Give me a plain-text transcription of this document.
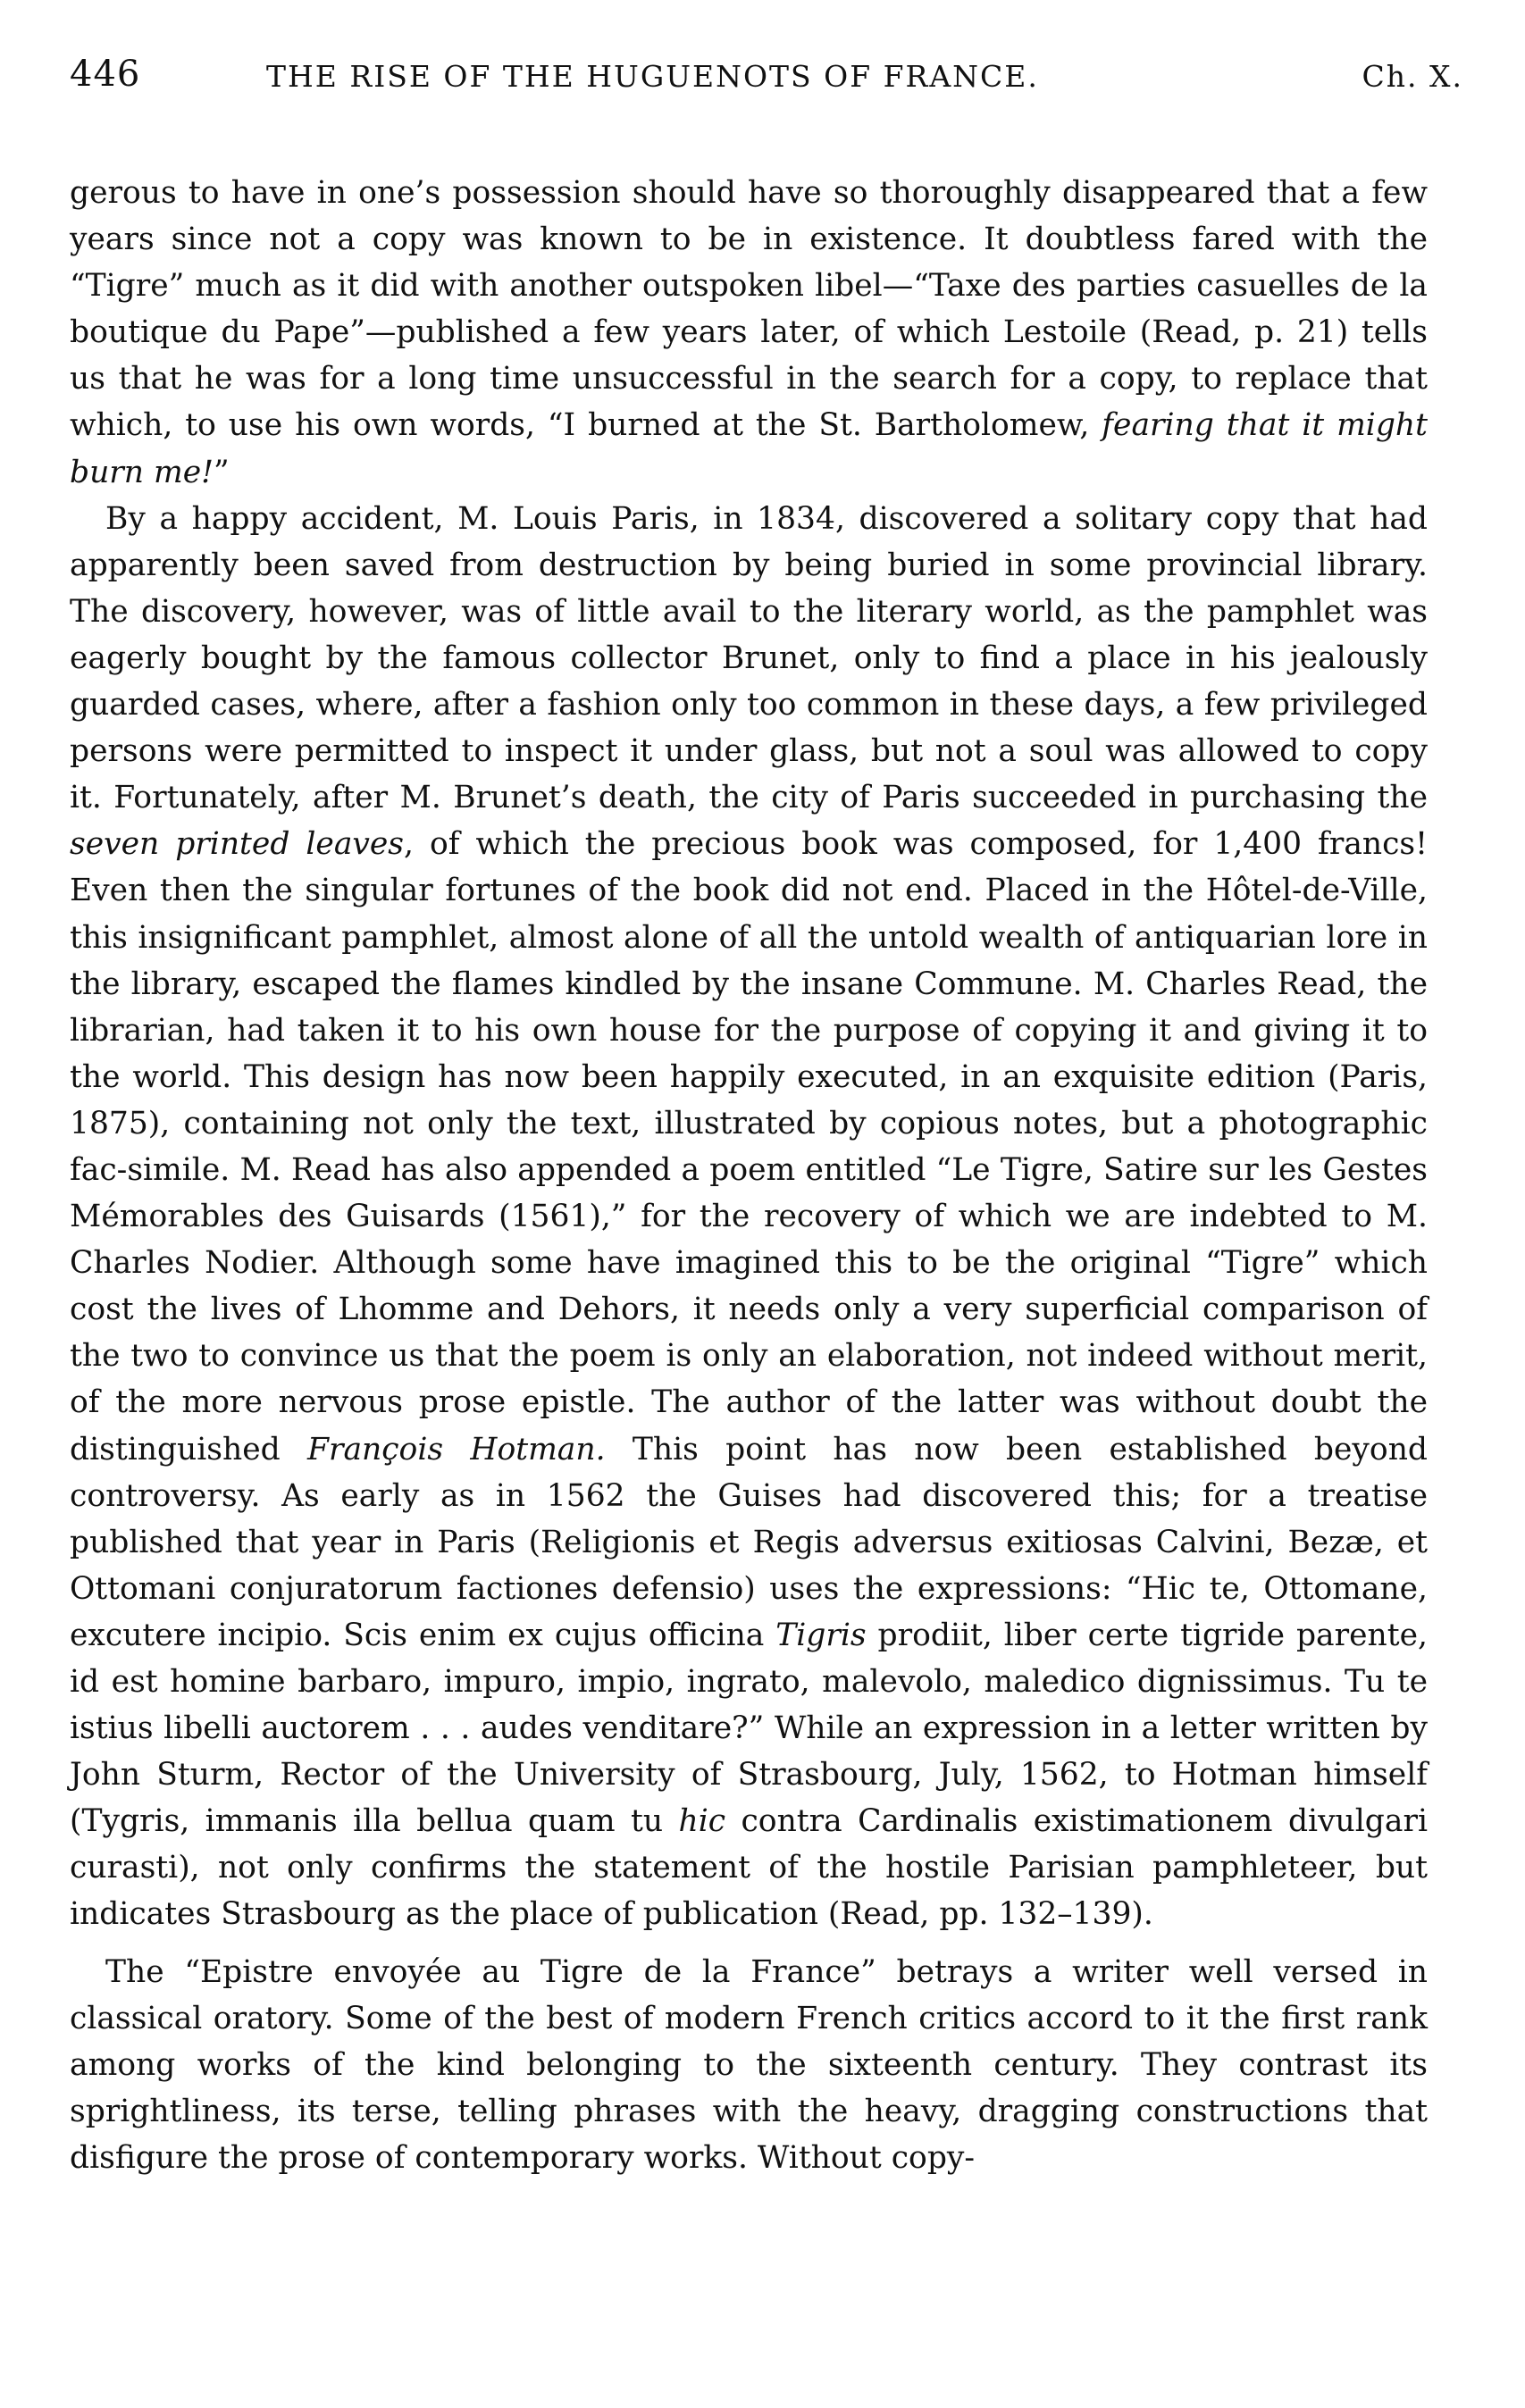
446	THE RISE OF THE HUGUENOTS OF FRANCE.	Ch. X.

gerous to have in one’s possession should have so thoroughly disappeared that a few years since not a copy was known to be in existence. It doubtless fared with the “Tigre” much as it did with another outspoken libel—“Taxe des parties casuelles de la boutique du Pape”—published a few years later, of which Lestoile (Read, p. 21) tells us that he was for a long time unsuccessful in the search for a copy, to replace that which, to use his own words, “I burned at the St. Bartholomew, fearing that it might burn me!”

By a happy accident, M. Louis Paris, in 1834, discovered a solitary copy that had apparently been saved from destruction by being buried in some provincial library. The discovery, however, was of little avail to the literary world, as the pamphlet was eagerly bought by the famous collector Brunet, only to find a place in his jealously guarded cases, where, after a fashion only too common in these days, a few privileged persons were permitted to inspect it under glass, but not a soul was allowed to copy it. Fortunately, after M. Brunet’s death, the city of Paris succeeded in purchasing the seven printed leaves, of which the precious book was composed, for 1,400 francs! Even then the singular fortunes of the book did not end. Placed in the Hôtel-de-Ville, this insignificant pamphlet, almost alone of all the untold wealth of antiquarian lore in the library, escaped the flames kindled by the insane Commune. M. Charles Read, the librarian, had taken it to his own house for the purpose of copying it and giving it to the world. This design has now been happily executed, in an exquisite edition (Paris, 1875), containing not only the text, illustrated by copious notes, but a photographic fac-simile. M. Read has also appended a poem entitled “Le Tigre, Satire sur les Gestes Mémorables des Guisards (1561),” for the recovery of which we are indebted to M. Charles Nodier. Although some have imagined this to be the original “Tigre” which cost the lives of Lhomme and Dehors, it needs only a very superficial comparison of the two to convince us that the poem is only an elaboration, not indeed without merit, of the more nervous prose epistle. The author of the latter was without doubt the distinguished François Hotman. This point has now been established beyond controversy. As early as in 1562 the Guises had discovered this; for a treatise published that year in Paris (Religionis et Regis adversus exitiosas Calvini, Bezæ, et Ottomani conjuratorum factiones defensio) uses the expressions: “Hic te, Ottomane, excutere incipio. Scis enim ex cujus officina Tigris prodiit, liber certe tigride parente, id est homine barbaro, impuro, impio, ingrato, malevolo, maledico dignissimus. Tu te istius libelli auctorem . . . audes venditare?” While an expression in a letter written by John Sturm, Rector of the University of Strasbourg, July, 1562, to Hotman himself (Tygris, immanis illa bellua quam tu hic contra Cardinalis existimationem divulgari curasti), not only confirms the statement of the hostile Parisian pamphleteer, but indicates Strasbourg as the place of publication (Read, pp. 132–139).

The “Epistre envoyée au Tigre de la France” betrays a writer well versed in classical oratory. Some of the best of modern French critics accord to it the first rank among works of the kind belonging to the sixteenth century. They contrast its sprightliness, its terse, telling phrases with the heavy, dragging constructions that disfigure the prose of contemporary works. Without copy-
